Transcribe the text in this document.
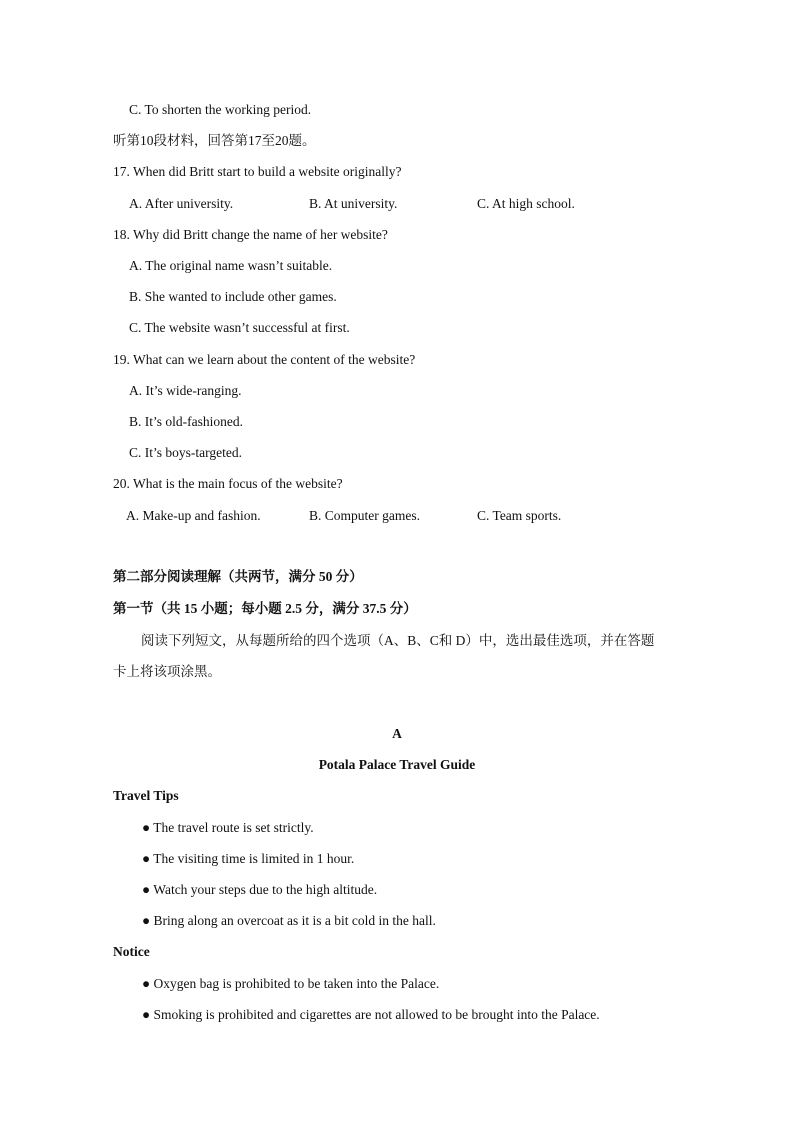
C. To shorten the working period.
听第10段材料，回答第17至20题。
17. When did Britt start to build a website originally?
A. After university.	B. At university.	C. At high school.
18. Why did Britt change the name of her website?
A. The original name wasn’t suitable.
B. She wanted to include other games.
C. The website wasn’t successful at first.
19. What can we learn about the content of the website?
A. It’s wide-ranging.
B. It’s old-fashioned.
C. It’s boys-targeted.
20. What is the main focus of the website?
A. Make-up and fashion.	B. Computer games.	C. Team sports.
第二部分阅读理解（共两节，满分 50 分）
第一节（共 15 小题；每小题 2.5 分，满分 37.5 分）
阅读下列短文，从每题所给的四个选项（A、B、C和 D）中，选出最佳选项，并在答题
卡上将该项涂黑。
A
Potala Palace Travel Guide
Travel Tips
● The travel route is set strictly.
● The visiting time is limited in 1 hour.
● Watch your steps due to the high altitude.
● Bring along an overcoat as it is a bit cold in the hall.
Notice
● Oxygen bag is prohibited to be taken into the Palace.
● Smoking is prohibited and cigarettes are not allowed to be brought into the Palace.
